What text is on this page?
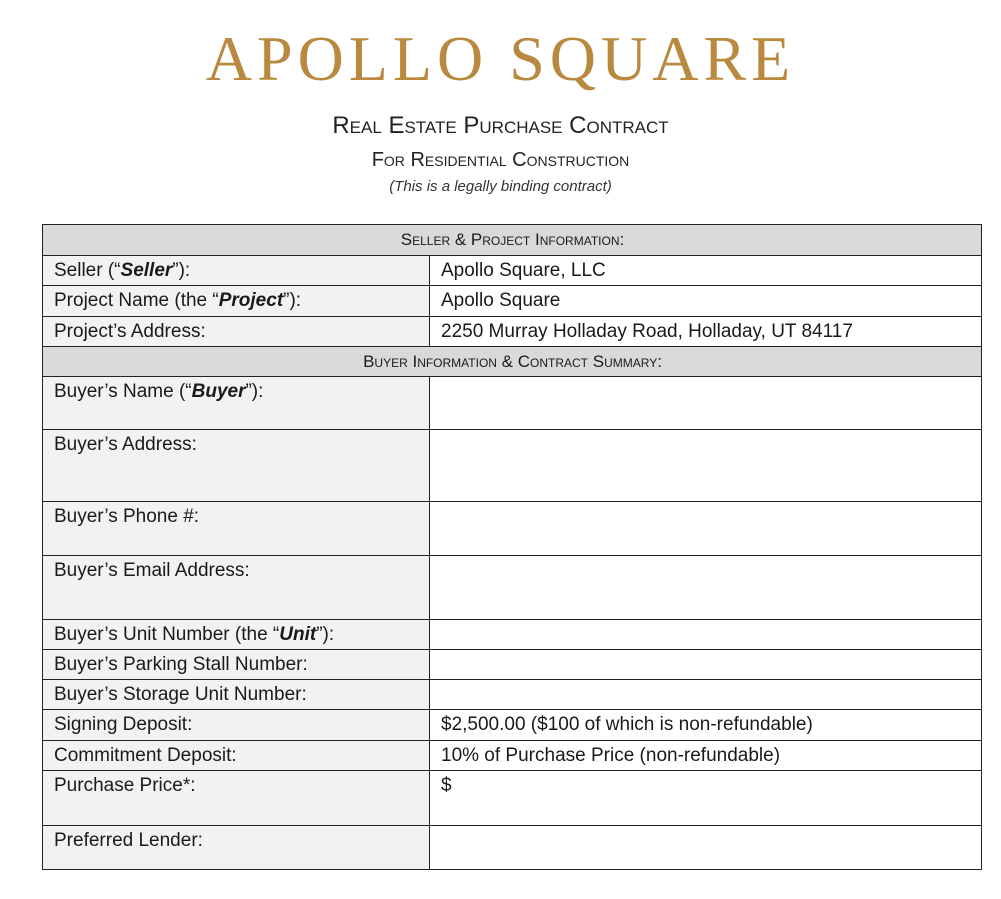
APOLLO SQUARE
Real Estate Purchase Contract
For Residential Construction
(This is a legally binding contract)
Seller & Project Information:	
Seller (“Seller”):	Apollo Square, LLC
Project Name (the “Project”):	Apollo Square
Project’s Address:	2250 Murray Holladay Road, Holladay, UT 84117
Buyer Information & Contract Summary:	
Buyer’s Name (“Buyer”):	
Buyer’s Address:	
Buyer’s Phone #:	
Buyer’s Email Address:	
Buyer’s Unit Number (the “Unit”):	
Buyer’s Parking Stall Number:	
Buyer’s Storage Unit Number:	
Signing Deposit:	$2,500.00 ($100 of which is non-refundable)
Commitment Deposit:	10% of Purchase Price (non-refundable)
Purchase Price*:	$
Preferred Lender:	
